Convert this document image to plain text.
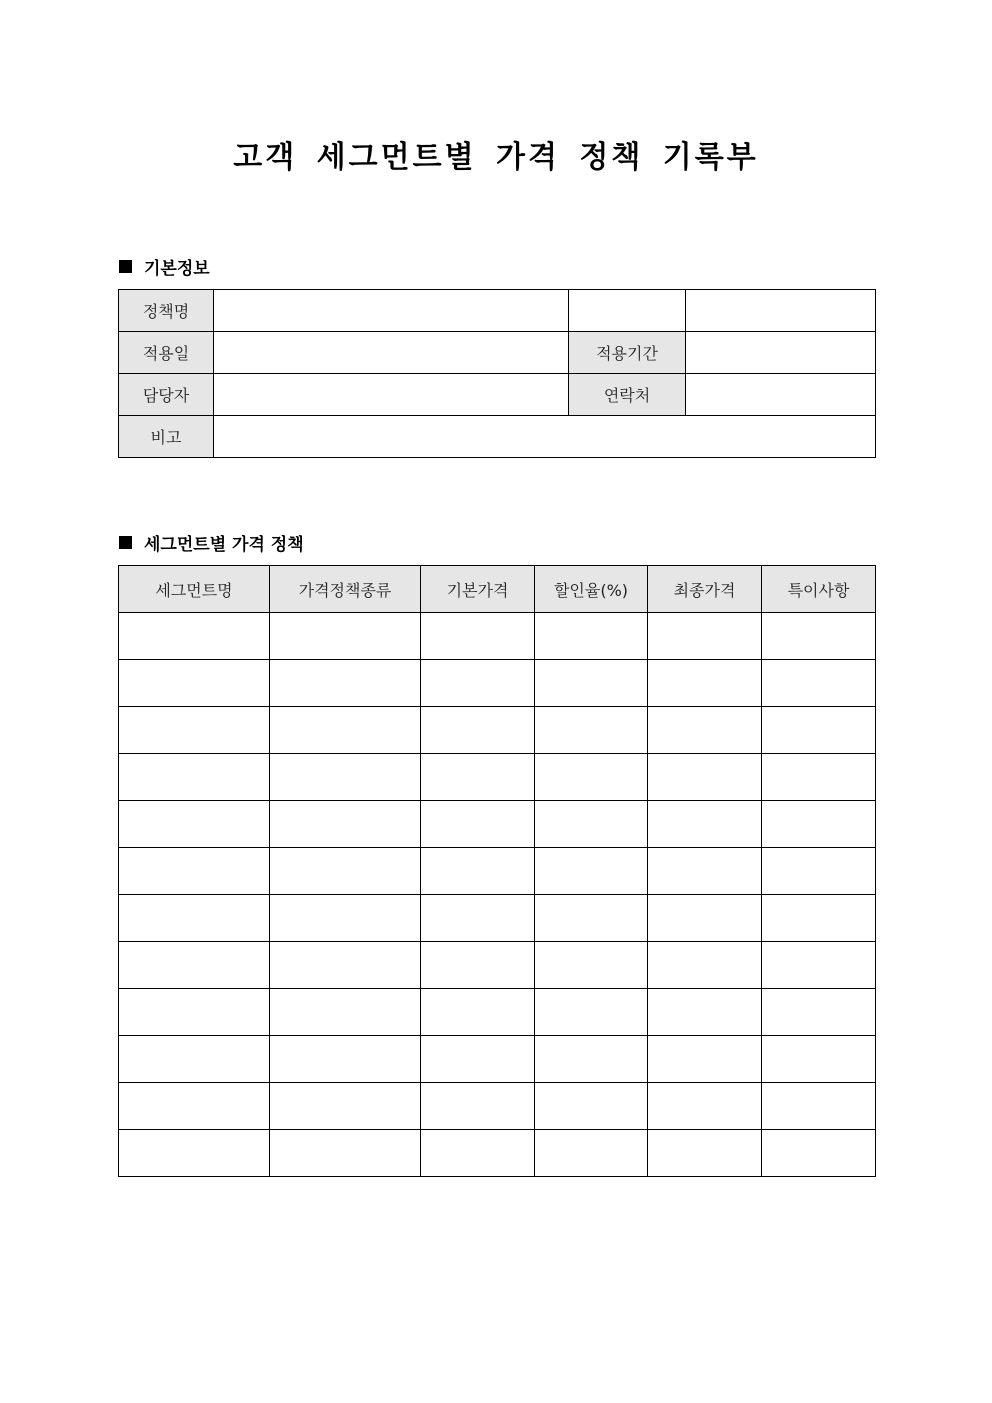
고객 세그먼트별 가격 정책 기록부
기본정보
정책명			
적용일		적용기간	
담당자		연락처	
비고			
세그먼트별 가격 정책
세그먼트명	가격정책종류	기본가격	할인율(%)	최종가격	특이사항
